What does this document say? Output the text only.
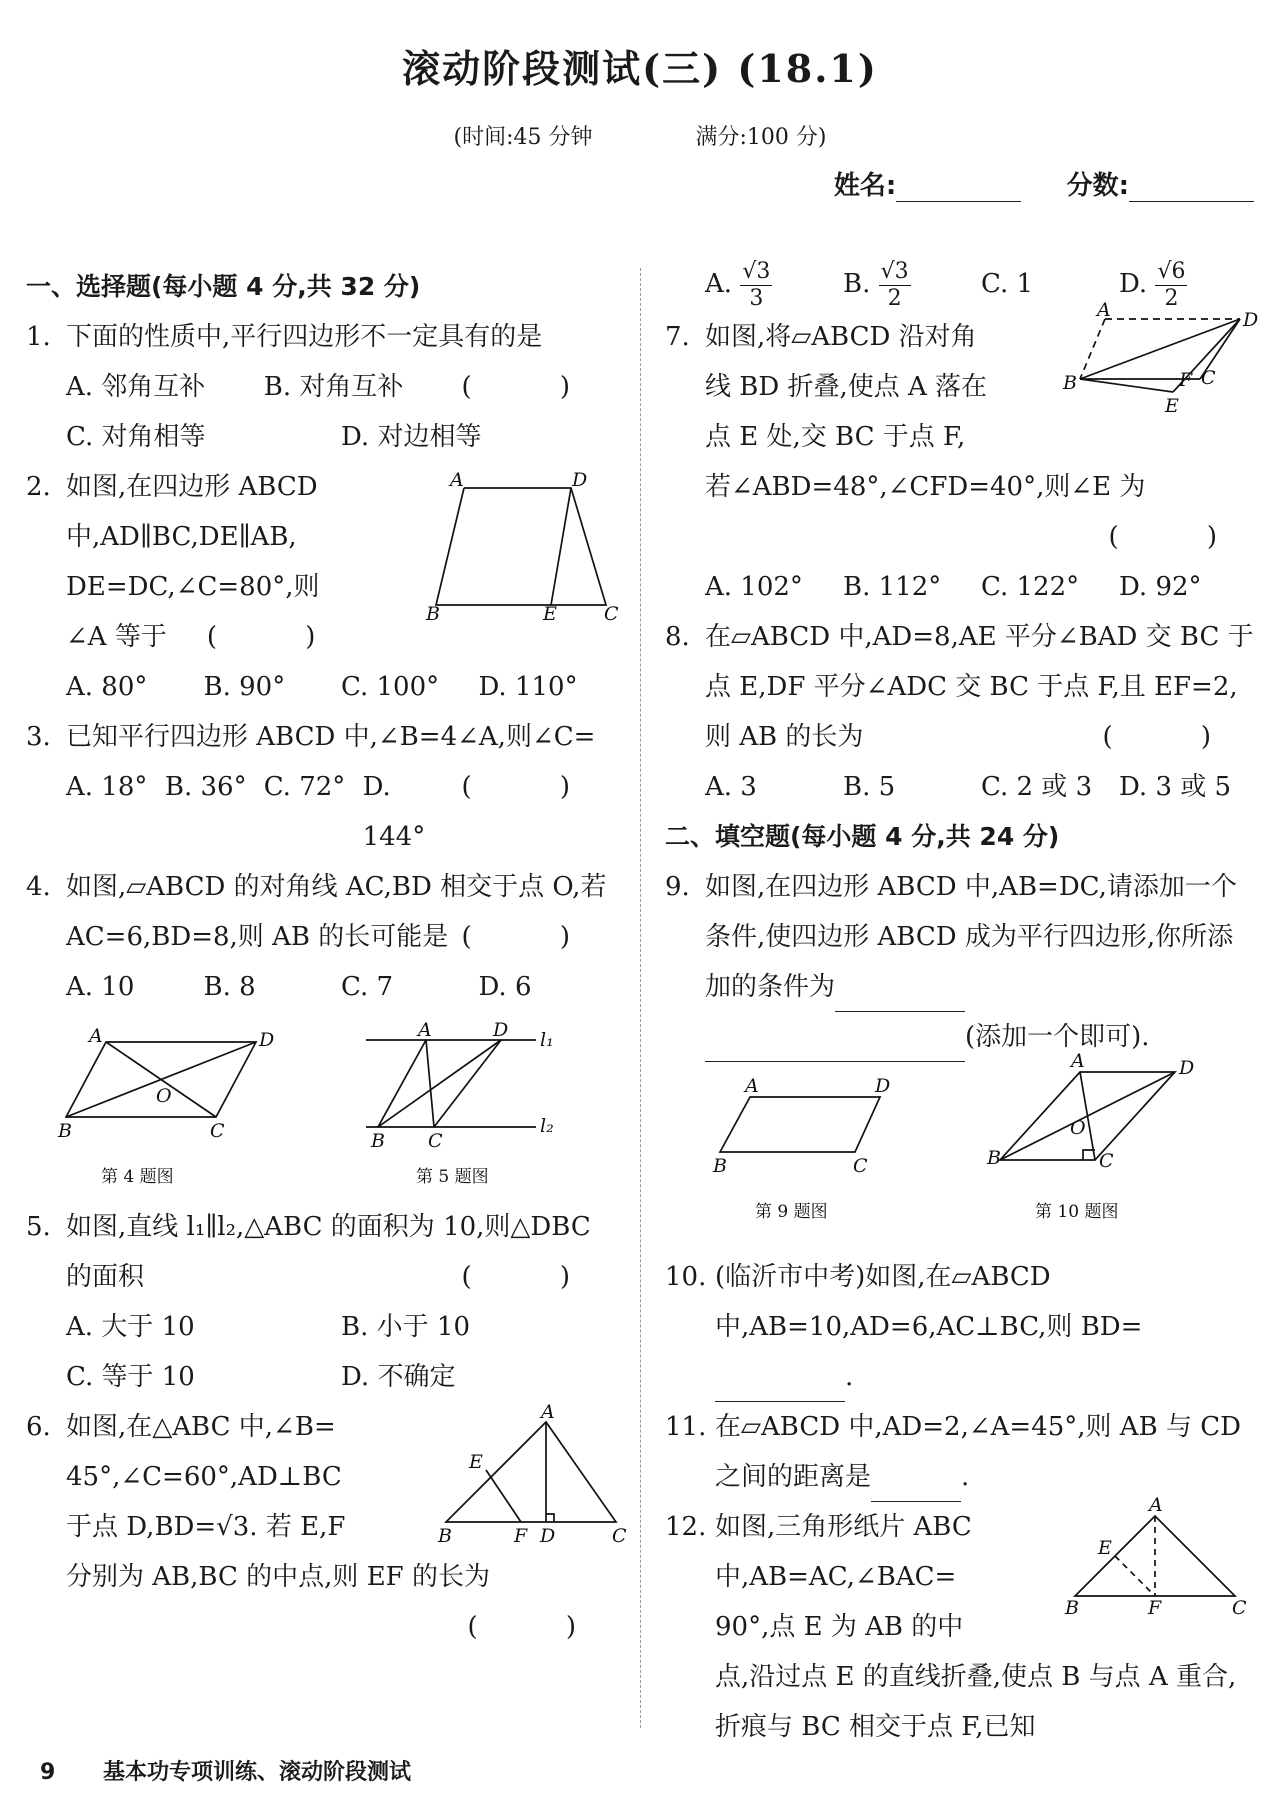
滚动阶段测试(三) (18.1)
(时间:45 分钟	满分:100 分)
姓名:	分数:
一、选择题(每小题 4 分,共 32 分)
1. 下面的性质中,平行四边形不一定具有的是
( )
A. 邻角互补	B. 对角互补
C. 对角相等	D. 对边相等
2. 如图,在四边形 ABCD
中,AD∥BC,DE∥AB,
DE=DC,∠C=80°,则
∠A 等于 ( )
A	D
B	E C
A. 80°	B. 90°	C. 100°	D. 110°
3. 已知平行四边形 ABCD 中,∠B=4∠A,则∠C=
( )
A. 18° B. 36° C. 72° D. 144°
4. 如图,▱ABCD 的对角线 AC,BD 相交于点 O,若 AC=6,BD=8,则 AB 的长可能是 ( )
A. 10	B. 8	C. 7	D. 6
A	D
O
B	C
第 4 题图
A	D l₁
B C
l₂
第 5 题图
5. 如图,直线 l₁∥l₂,△ABC 的面积为 10,则△DBC 的面积	( )
A. 大于 10	B. 小于 10
C. 等于 10	D. 不确定
6. 如图,在△ABC 中,∠B=
45°,∠C=60°,AD⊥BC
于点 D,BD=√3. 若 E,F
分别为 AB,BC 的中点,则 EF 的长为
( )
A
E
B	F D	C
A. $\frac{√3}{3}$	B. $\frac{√3}{2}$	C. 1	D. $\frac{√6}{2}$
7. 如图,将▱ABCD 沿对角
线 BD 折叠,使点 A 落在
点 E 处,交 BC 于点 F,
若∠ABD=48°,∠CFD=40°,则∠E 为
( )
A	D
B	F C
E
A. 102°	B. 112°	C. 122°	D. 92°
8. 在▱ABCD 中,AD=8,AE 平分∠BAD 交 BC 于点 E,DF 平分∠ADC 交 BC 于点 F,且 EF=2,则 AB 的长为	( )
A. 3	B. 5	C. 2 或 3	D. 3 或 5
二、填空题(每小题 4 分,共 24 分)
9. 如图,在四边形 ABCD 中,AB=DC,请添加一个条件,使四边形 ABCD 成为平行四边形,你所添加的条件为
(添加一个即可).
A	D
B	C
第 9 题图
A	D
O
B	C
第 10 题图
10. (临沂市中考)如图,在▱ABCD 中,AB=10,AD=6,AC⊥BC,则 BD=.
11. 在▱ABCD 中,AD=2,∠A=45°,则 AB 与 CD 之间的距离是	.
12. 如图,三角形纸片 ABC
中,AB=AC,∠BAC=
90°,点 E 为 AB 的中
点,沿过点 E 的直线折叠,使点 B 与点 A 重合,折痕与 BC 相交于点 F,已知
A
E
B	F	C
9 基本功专项训练、滚动阶段测试
